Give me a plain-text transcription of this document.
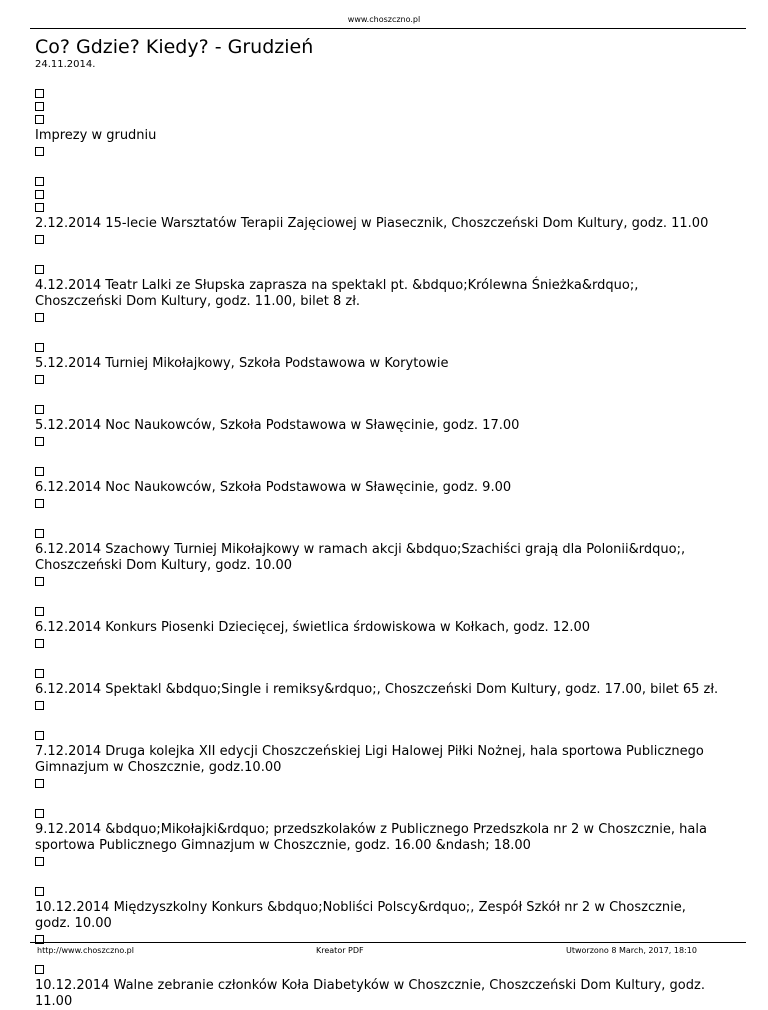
www.choszczno.pl
Co? Gdzie? Kiedy? - Grudzień
24.11.2014.
Imprezy w grudniu
2.12.2014 15-lecie Warsztatów Terapii Zajęciowej w Piasecznik, Choszczeński Dom Kultury, godz. 11.00
4.12.2014 Teatr Lalki ze Słupska zaprasza na spektakl pt. &bdquo;Królewna Śnieżka&rdquo;,
Choszczeński Dom Kultury, godz. 11.00, bilet 8 zł.
5.12.2014 Turniej Mikołajkowy, Szkoła Podstawowa w Korytowie
5.12.2014 Noc Naukowców, Szkoła Podstawowa w Sławęcinie, godz. 17.00
6.12.2014 Noc Naukowców, Szkoła Podstawowa w Sławęcinie, godz. 9.00
6.12.2014 Szachowy Turniej Mikołajkowy w ramach akcji &bdquo;Szachiści grają dla Polonii&rdquo;,
Choszczeński Dom Kultury, godz. 10.00
6.12.2014 Konkurs Piosenki Dziecięcej, świetlica śrdowiskowa w Kołkach, godz. 12.00
6.12.2014 Spektakl &bdquo;Single i remiksy&rdquo;, Choszczeński Dom Kultury, godz. 17.00, bilet 65 zł.
7.12.2014 Druga kolejka XII edycji Choszczeńskiej Ligi Halowej Piłki Nożnej, hala sportowa Publicznego
Gimnazjum w Choszcznie, godz.10.00
9.12.2014 &bdquo;Mikołajki&rdquo; przedszkolaków z Publicznego Przedszkola nr 2 w Choszcznie, hala
sportowa Publicznego Gimnazjum w Choszcznie, godz. 16.00 &ndash; 18.00
10.12.2014 Międzyszkolny Konkurs &bdquo;Nobliści Polscy&rdquo;, Zespół Szkół nr 2 w Choszcznie,
godz. 10.00
10.12.2014 Walne zebranie członków Koła Diabetyków w Choszcznie, Choszczeński Dom Kultury, godz.
11.00
http://www.choszczno.pl	Kreator PDF	Utworzono 8 March, 2017, 18:10
